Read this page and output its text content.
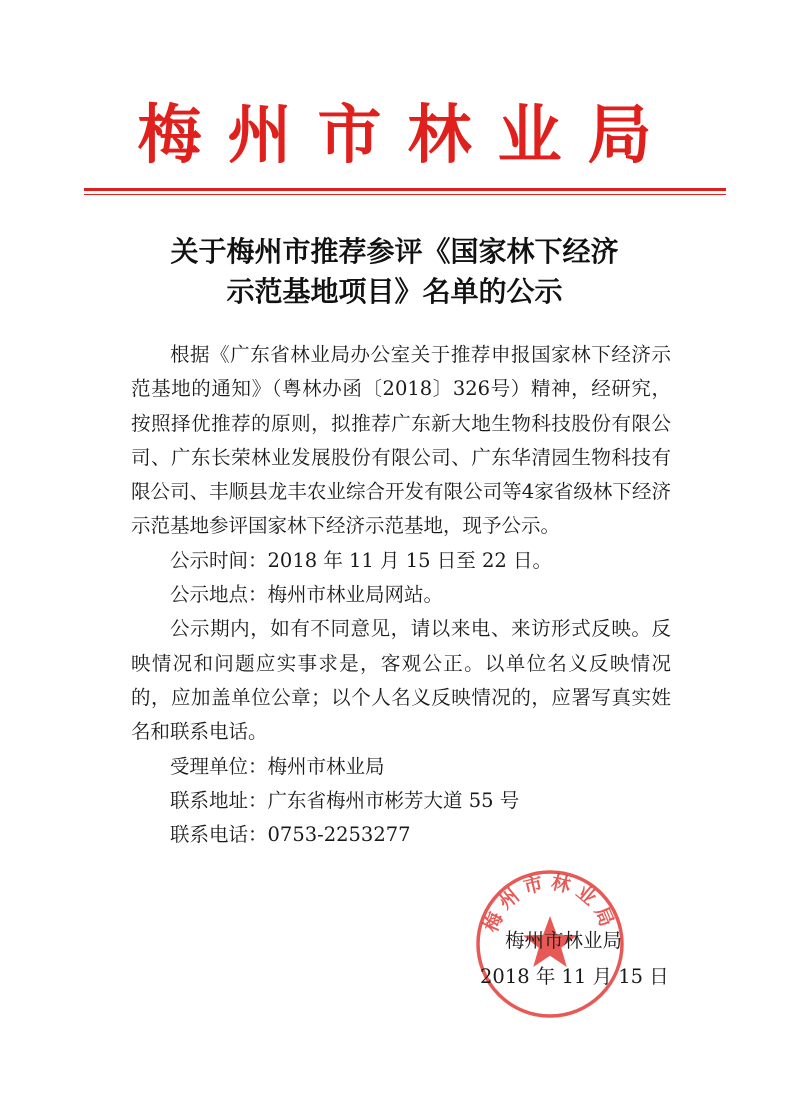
梅州市林业局
关于梅州市推荐参评《国家林下经济
示范基地项目》名单的公示

根据《广东省林业局办公室关于推荐申报国家林下经济示范基地的通知》（粤林办函〔2018〕326号）精神，经研究，按照择优推荐的原则，拟推荐广东新大地生物科技股份有限公司、广东长荣林业发展股份有限公司、广东华清园生物科技有限公司、丰顺县龙丰农业综合开发有限公司等4家省级林下经济示范基地参评国家林下经济示范基地，现予公示。

公示时间：2018 年 11 月 15 日至 22 日。

公示地点：梅州市林业局网站。

公示期内，如有不同意见，请以来电、来访形式反映。反映情况和问题应实事求是，客观公正。以单位名义反映情况的，应加盖单位公章；以个人名义反映情况的，应署写真实姓名和联系电话。

受理单位：梅州市林业局

联系地址：广东省梅州市彬芳大道 55 号

联系电话：0753-2253277

梅州市林业局
梅州市林业局
2018 年 11 月 15 日
